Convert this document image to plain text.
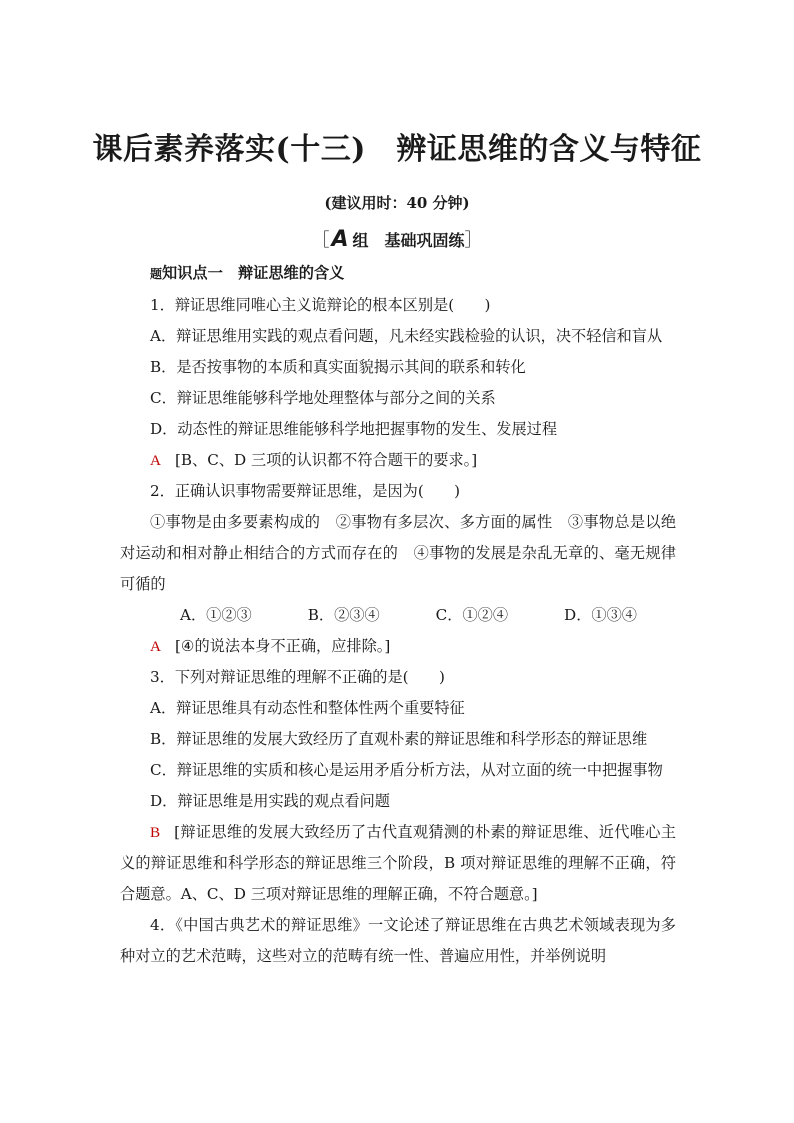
课后素养落实(十三)　辨证思维的含义与特征
(建议用时：40 分钟)
［A 组　基础巩固练］

题知识点一　辩证思维的含义

1．辩证思维同唯心主义诡辩论的根本区别是(　　)

A．辩证思维用实践的观点看问题，凡未经实践检验的认识，决不轻信和盲从

B．是否按事物的本质和真实面貌揭示其间的联系和转化

C．辩证思维能够科学地处理整体与部分之间的关系

D．动态性的辩证思维能够科学地把握事物的发生、发展过程

A [B、C、D 三项的认识都不符合题干的要求。]

2．正确认识事物需要辩证思维，是因为(　　)

①事物是由多要素构成的　②事物有多层次、多方面的属性　③事物总是以绝对运动和相对静止相结合的方式而存在的　④事物的发展是杂乱无章的、毫无规律可循的

A．①②③	B．②③④	C．①②④	D．①③④

A [④的说法本身不正确，应排除。]

3．下列对辩证思维的理解不正确的是(　　)

A．辩证思维具有动态性和整体性两个重要特征

B．辩证思维的发展大致经历了直观朴素的辩证思维和科学形态的辩证思维

C．辩证思维的实质和核心是运用矛盾分析方法，从对立面的统一中把握事物

D．辩证思维是用实践的观点看问题

B [辩证思维的发展大致经历了古代直观猜测的朴素的辩证思维、近代唯心主义的辩证思维和科学形态的辩证思维三个阶段，B 项对辩证思维的理解不正确，符合题意。A、C、D 三项对辩证思维的理解正确，不符合题意。]

4．《中国古典艺术的辩证思维》一文论述了辩证思维在古典艺术领域表现为多种对立的艺术范畴，这些对立的范畴有统一性、普遍应用性，并举例说明
